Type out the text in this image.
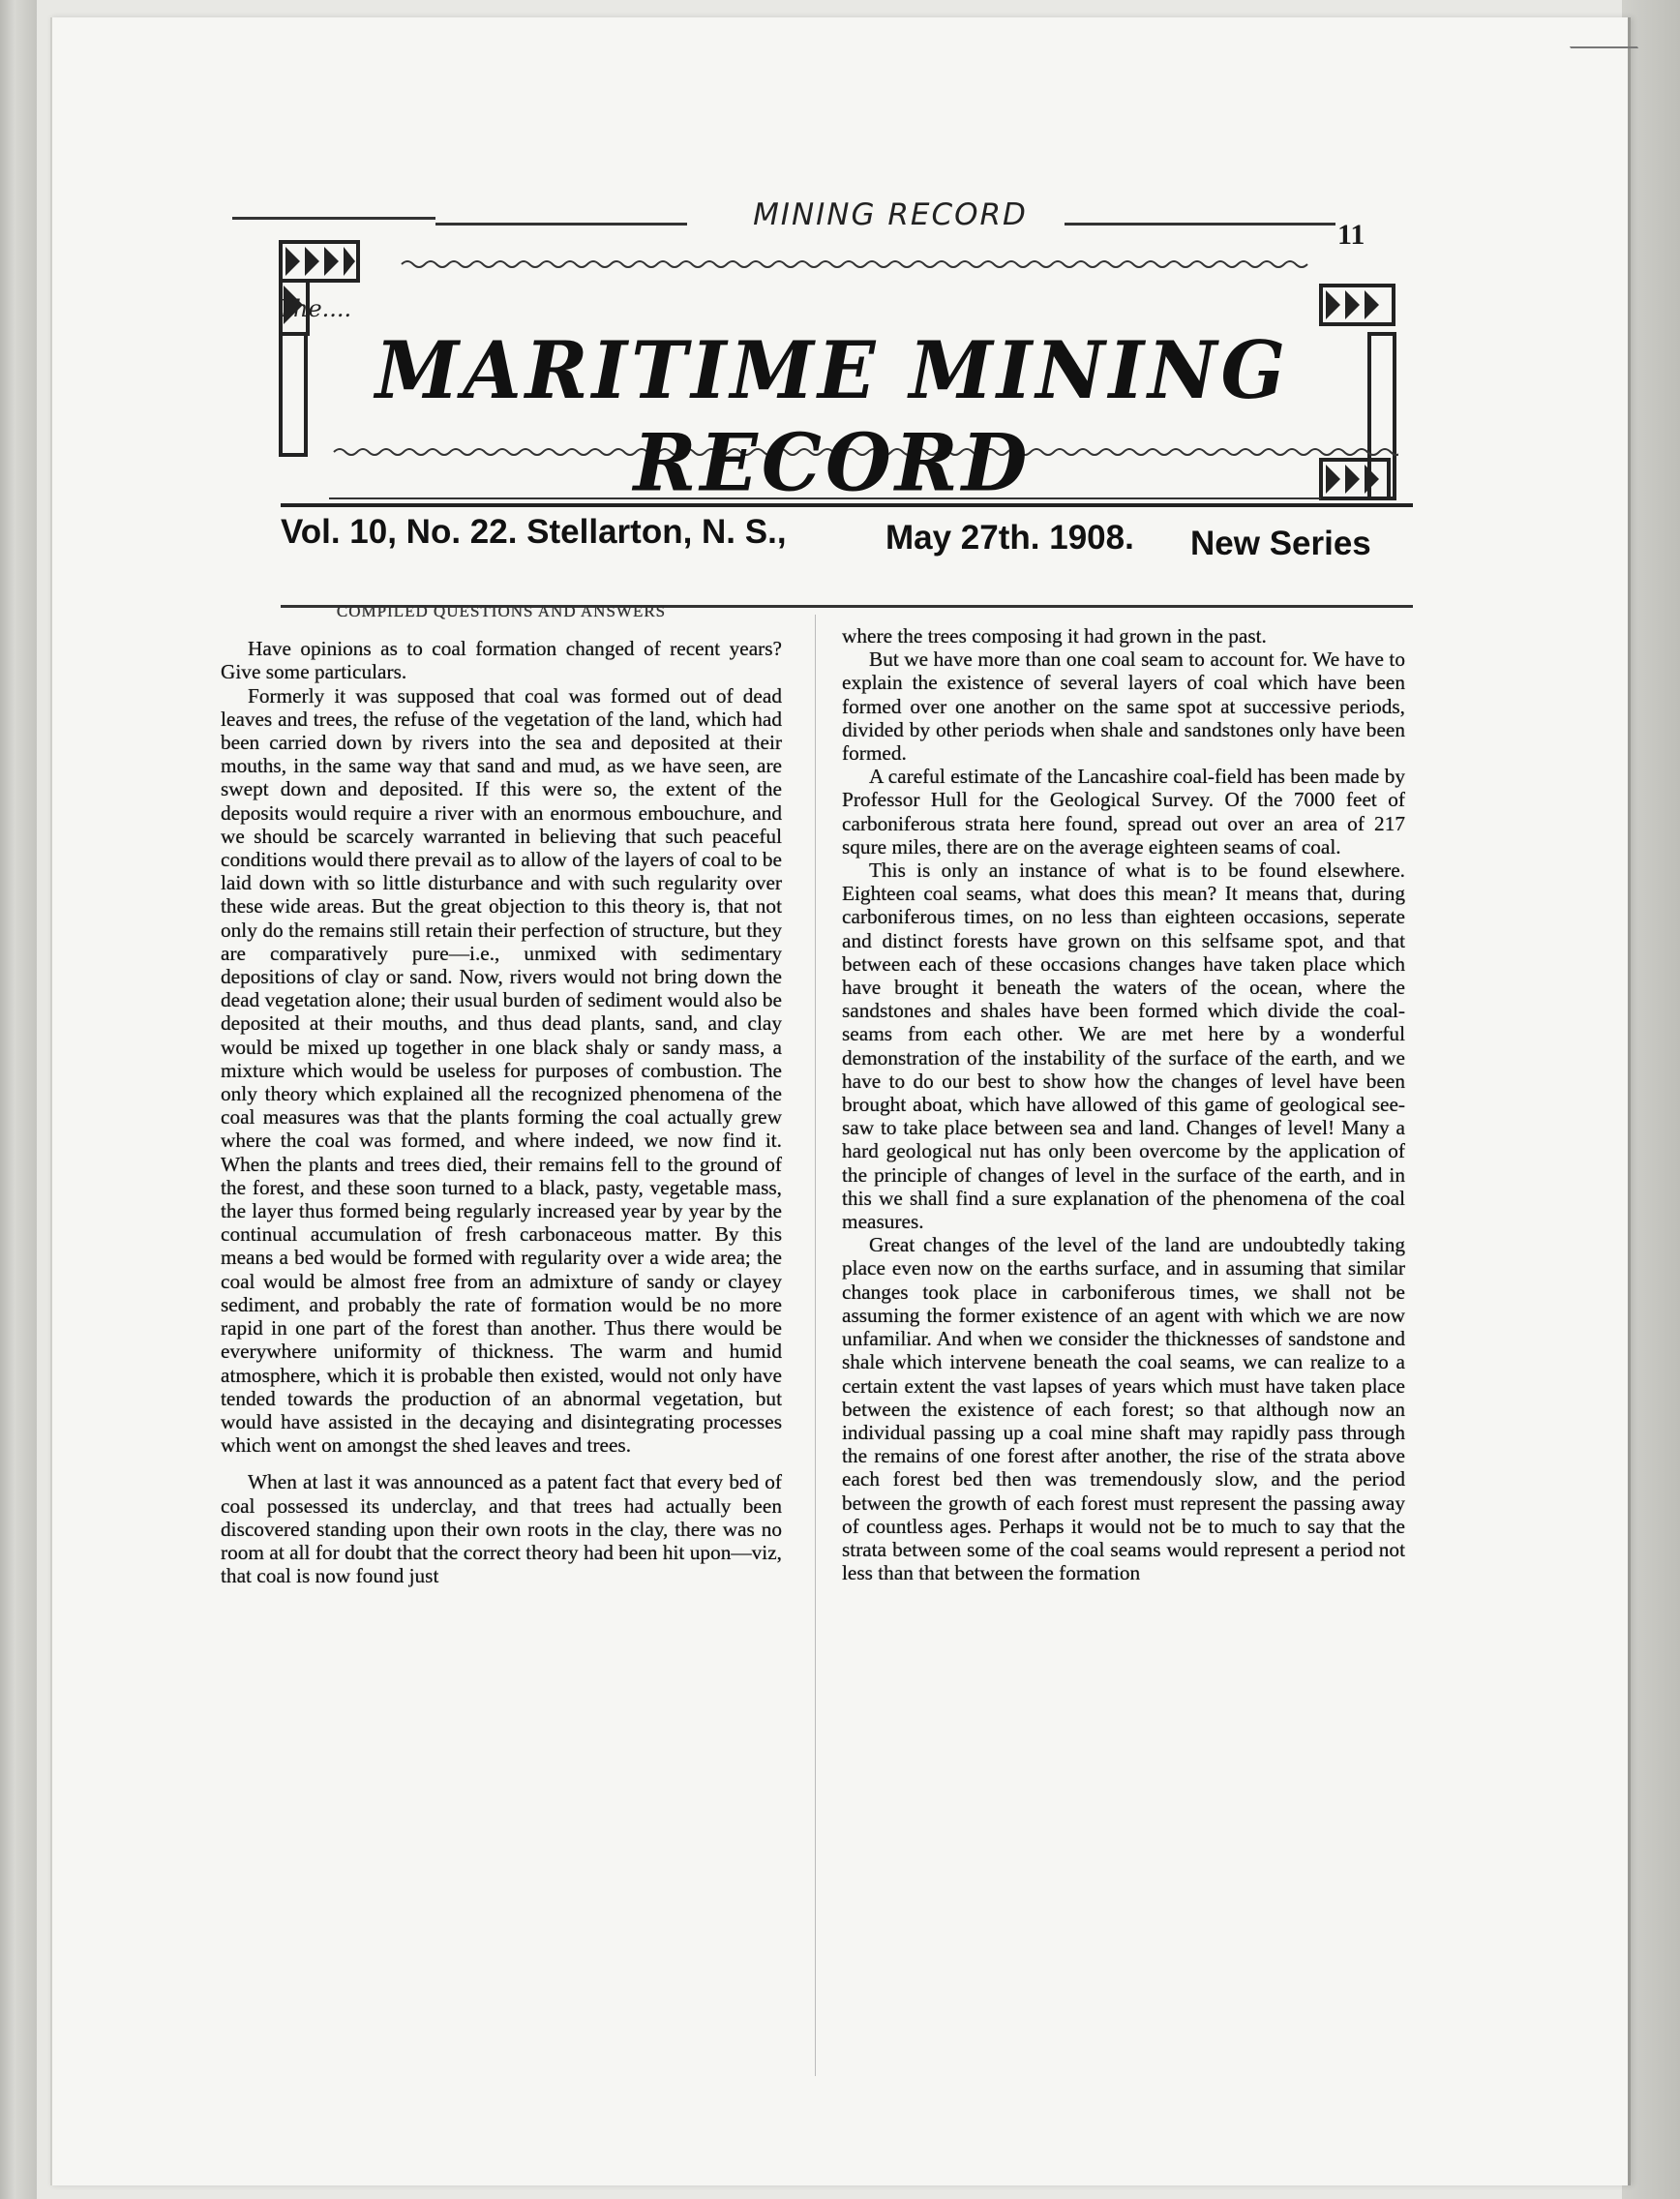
MINING RECORD
11
The....
MARITIME MINING RECORD
Vol. 10, No. 22. Stellarton, N. S.,	May 27th. 1908. New Series
COMPILED QUESTIONS AND ANSWERS

Have opinions as to coal formation changed of recent years? Give some particulars.

Formerly it was supposed that coal was formed out of dead leaves and trees, the refuse of the vegetation of the land, which had been carried down by rivers into the sea and deposited at their mouths, in the same way that sand and mud, as we have seen, are swept down and deposited. If this were so, the extent of the deposits would require a river with an enormous embouchure, and we should be scarcely warranted in believing that such peaceful conditions would there prevail as to allow of the layers of coal to be laid down with so little disturbance and with such regularity over these wide areas. But the great objection to this theory is, that not only do the remains still retain their perfection of structure, but they are comparatively pure—i.e., unmixed with sedimentary depositions of clay or sand. Now, rivers would not bring down the dead vegetation alone; their usual burden of sediment would also be deposited at their mouths, and thus dead plants, sand, and clay would be mixed up together in one black shaly or sandy mass, a mixture which would be useless for purposes of combustion. The only theory which explained all the recognized phenomena of the coal measures was that the plants forming the coal actually grew where the coal was formed, and where indeed, we now find it. When the plants and trees died, their remains fell to the ground of the forest, and these soon turned to a black, pasty, vegetable mass, the layer thus formed being regularly increased year by year by the continual accumulation of fresh carbonaceous matter. By this means a bed would be formed with regularity over a wide area; the coal would be almost free from an admixture of sandy or clayey sediment, and probably the rate of formation would be no more rapid in one part of the forest than another. Thus there would be everywhere uniformity of thickness. The warm and humid atmosphere, which it is probable then existed, would not only have tended towards the production of an abnormal vegetation, but would have assisted in the decaying and disintegrating processes which went on amongst the shed leaves and trees.

When at last it was announced as a patent fact that every bed of coal possessed its underclay, and that trees had actually been discovered standing upon their own roots in the clay, there was no room at all for doubt that the correct theory had been hit upon—viz, that coal is now found just

where the trees composing it had grown in the past.

But we have more than one coal seam to account for. We have to explain the existence of several layers of coal which have been formed over one another on the same spot at successive periods, divided by other periods when shale and sandstones only have been formed.

A careful estimate of the Lancashire coal-field has been made by Professor Hull for the Geological Survey. Of the 7000 feet of carboniferous strata here found, spread out over an area of 217 squre miles, there are on the average eighteen seams of coal.

This is only an instance of what is to be found elsewhere. Eighteen coal seams, what does this mean? It means that, during carboniferous times, on no less than eighteen occasions, seperate and distinct forests have grown on this selfsame spot, and that between each of these occasions changes have taken place which have brought it beneath the waters of the ocean, where the sandstones and shales have been formed which divide the coal-seams from each other. We are met here by a wonderful demonstration of the instability of the surface of the earth, and we have to do our best to show how the changes of level have been brought aboat, which have allowed of this game of geological see-saw to take place between sea and land. Changes of level! Many a hard geological nut has only been overcome by the application of the principle of changes of level in the surface of the earth, and in this we shall find a sure explanation of the phenomena of the coal measures.

Great changes of the level of the land are undoubtedly taking place even now on the earths surface, and in assuming that similar changes took place in carboniferous times, we shall not be assuming the former existence of an agent with which we are now unfamiliar. And when we consider the thicknesses of sandstone and shale which intervene beneath the coal seams, we can realize to a certain extent the vast lapses of years which must have taken place between the existence of each forest; so that although now an individual passing up a coal mine shaft may rapidly pass through the remains of one forest after another, the rise of the strata above each forest bed then was tremendously slow, and the period between the growth of each forest must represent the passing away of countless ages. Perhaps it would not be to much to say that the strata between some of the coal seams would represent a period not less than that between the formation
